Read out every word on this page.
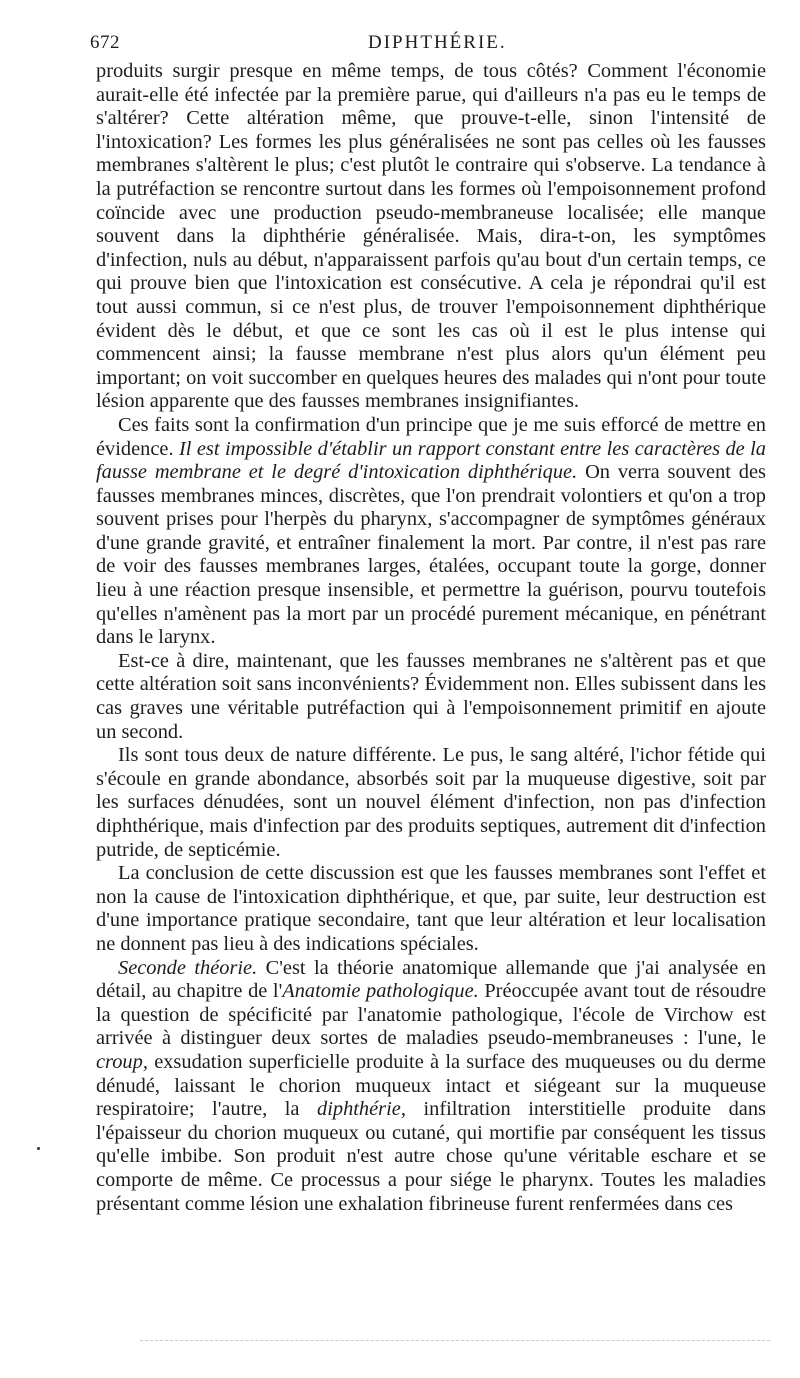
672	DIPHTHÉRIE.

produits surgir presque en même temps, de tous côtés? Comment l'économie aurait-elle été infectée par la première parue, qui d'ailleurs n'a pas eu le temps de s'altérer? Cette altération même, que prouve-t-elle, sinon l'intensité de l'intoxication? Les formes les plus généralisées ne sont pas celles où les fausses membranes s'altèrent le plus; c'est plutôt le contraire qui s'observe. La tendance à la putréfaction se rencontre surtout dans les formes où l'empoisonnement profond coïncide avec une production pseudo-membraneuse localisée; elle manque souvent dans la diphthérie généralisée. Mais, dira-t-on, les symptômes d'infection, nuls au début, n'apparaissent parfois qu'au bout d'un certain temps, ce qui prouve bien que l'intoxication est consécutive. A cela je répondrai qu'il est tout aussi commun, si ce n'est plus, de trouver l'empoisonnement diphthérique évident dès le début, et que ce sont les cas où il est le plus intense qui commencent ainsi; la fausse membrane n'est plus alors qu'un élément peu important; on voit succomber en quelques heures des malades qui n'ont pour toute lésion apparente que des fausses membranes insignifiantes.

Ces faits sont la confirmation d'un principe que je me suis efforcé de mettre en évidence. Il est impossible d'établir un rapport constant entre les caractères de la fausse membrane et le degré d'intoxication diphthérique. On verra souvent des fausses membranes minces, discrètes, que l'on prendrait volontiers et qu'on a trop souvent prises pour l'herpès du pharynx, s'accompagner de symptômes généraux d'une grande gravité, et entraîner finalement la mort. Par contre, il n'est pas rare de voir des fausses membranes larges, étalées, occupant toute la gorge, donner lieu à une réaction presque insensible, et permettre la guérison, pourvu toutefois qu'elles n'amènent pas la mort par un procédé purement mécanique, en pénétrant dans le larynx.

Est-ce à dire, maintenant, que les fausses membranes ne s'altèrent pas et que cette altération soit sans inconvénients? Évidemment non. Elles subissent dans les cas graves une véritable putréfaction qui à l'empoisonnement primitif en ajoute un second.

Ils sont tous deux de nature différente. Le pus, le sang altéré, l'ichor fétide qui s'écoule en grande abondance, absorbés soit par la muqueuse digestive, soit par les surfaces dénudées, sont un nouvel élément d'infection, non pas d'infection diphthérique, mais d'infection par des produits septiques, autrement dit d'infection putride, de septicémie.

La conclusion de cette discussion est que les fausses membranes sont l'effet et non la cause de l'intoxication diphthérique, et que, par suite, leur destruction est d'une importance pratique secondaire, tant que leur altération et leur localisation ne donnent pas lieu à des indications spéciales.

Seconde théorie. C'est la théorie anatomique allemande que j'ai analysée en détail, au chapitre de l'Anatomie pathologique. Préoccupée avant tout de résoudre la question de spécificité par l'anatomie pathologique, l'école de Virchow est arrivée à distinguer deux sortes de maladies pseudo-membraneuses : l'une, le croup, exsudation superficielle produite à la surface des muqueuses ou du derme dénudé, laissant le chorion muqueux intact et siégeant sur la muqueuse respiratoire; l'autre, la diphthérie, infiltration interstitielle produite dans l'épaisseur du chorion muqueux ou cutané, qui mortifie par conséquent les tissus qu'elle imbibe. Son produit n'est autre chose qu'une véritable eschare et se comporte de même. Ce processus a pour siége le pharynx. Toutes les maladies présentant comme lésion une exhalation fibrineuse furent renfermées dans ces
